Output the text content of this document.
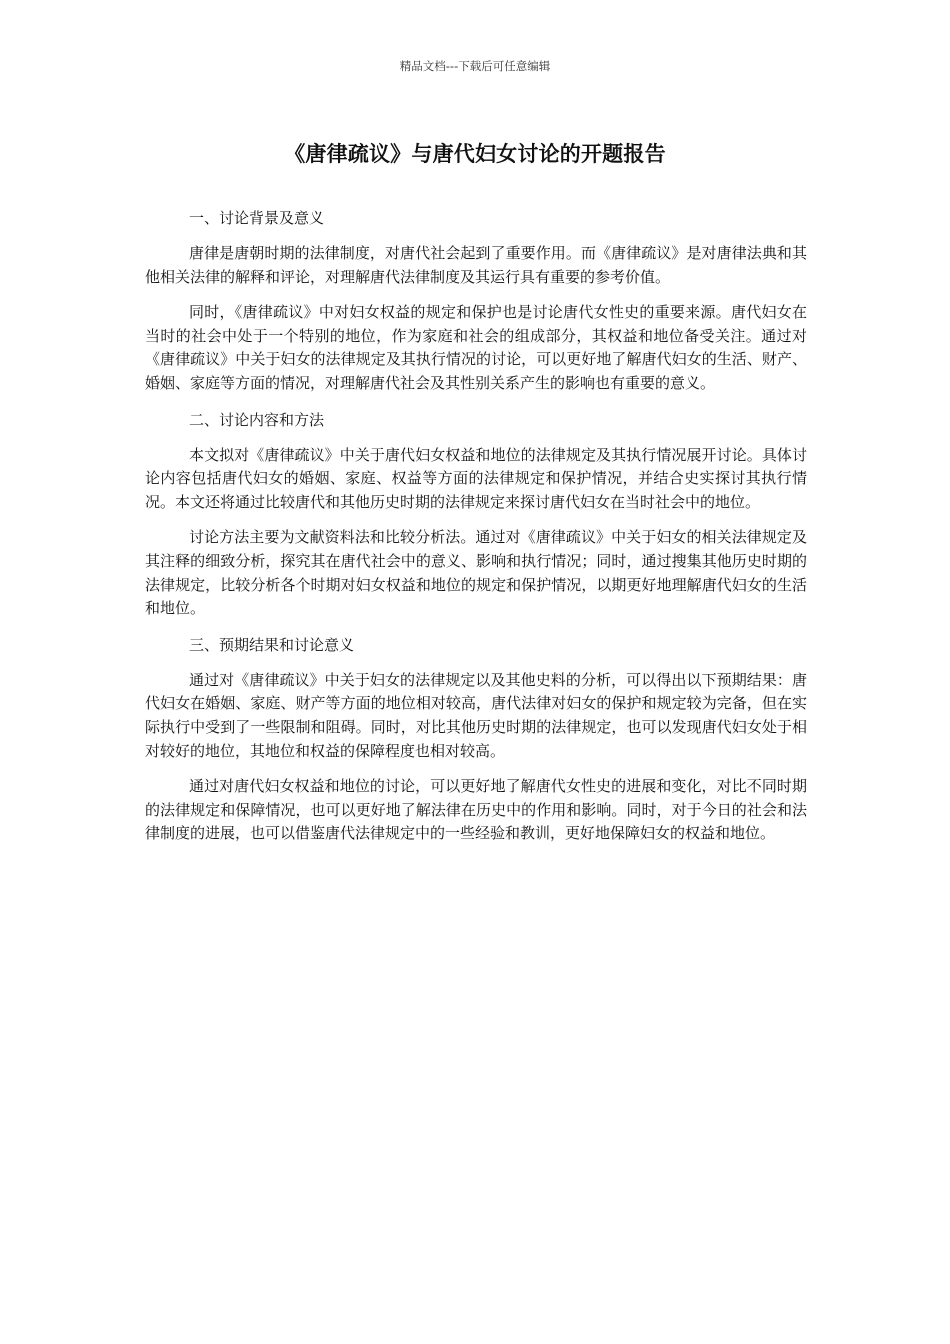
精品文档---下载后可任意编辑
《唐律疏议》与唐代妇女讨论的开题报告
一、讨论背景及意义

唐律是唐朝时期的法律制度，对唐代社会起到了重要作用。而《唐律疏议》是对唐律法典和其他相关法律的解释和评论，对理解唐代法律制度及其运行具有重要的参考价值。

同时，《唐律疏议》中对妇女权益的规定和保护也是讨论唐代女性史的重要来源。唐代妇女在当时的社会中处于一个特别的地位，作为家庭和社会的组成部分，其权益和地位备受关注。通过对《唐律疏议》中关于妇女的法律规定及其执行情况的讨论，可以更好地了解唐代妇女的生活、财产、婚姻、家庭等方面的情况，对理解唐代社会及其性别关系产生的影响也有重要的意义。

二、讨论内容和方法

本文拟对《唐律疏议》中关于唐代妇女权益和地位的法律规定及其执行情况展开讨论。具体讨论内容包括唐代妇女的婚姻、家庭、权益等方面的法律规定和保护情况，并结合史实探讨其执行情况。本文还将通过比较唐代和其他历史时期的法律规定来探讨唐代妇女在当时社会中的地位。

讨论方法主要为文献资料法和比较分析法。通过对《唐律疏议》中关于妇女的相关法律规定及其注释的细致分析，探究其在唐代社会中的意义、影响和执行情况；同时，通过搜集其他历史时期的法律规定，比较分析各个时期对妇女权益和地位的规定和保护情况，以期更好地理解唐代妇女的生活和地位。

三、预期结果和讨论意义

通过对《唐律疏议》中关于妇女的法律规定以及其他史料的分析，可以得出以下预期结果：唐代妇女在婚姻、家庭、财产等方面的地位相对较高，唐代法律对妇女的保护和规定较为完备，但在实际执行中受到了一些限制和阻碍。同时，对比其他历史时期的法律规定，也可以发现唐代妇女处于相对较好的地位，其地位和权益的保障程度也相对较高。

通过对唐代妇女权益和地位的讨论，可以更好地了解唐代女性史的进展和变化，对比不同时期的法律规定和保障情况，也可以更好地了解法律在历史中的作用和影响。同时，对于今日的社会和法律制度的进展，也可以借鉴唐代法律规定中的一些经验和教训，更好地保障妇女的权益和地位。
